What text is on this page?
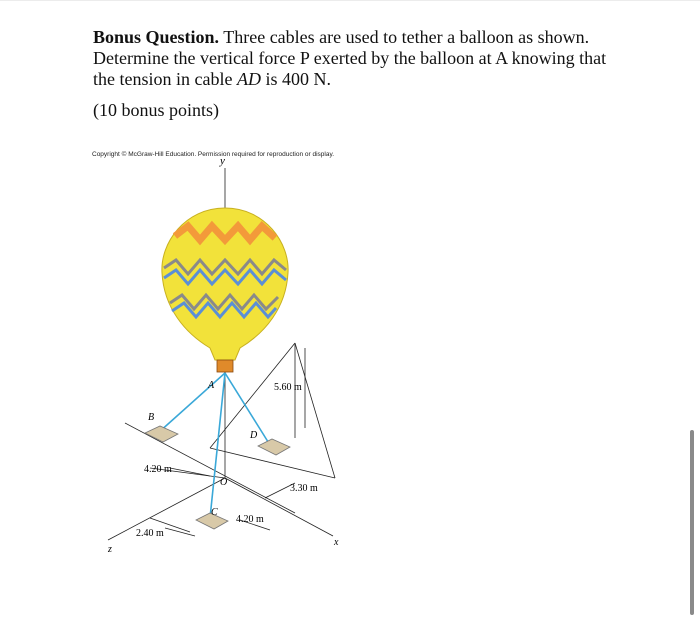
Bonus Question. Three cables are used to tether a balloon as shown. Determine the vertical force P exerted by the balloon at A knowing that the tension in cable AD is 400 N.

(10 bonus points)
Copyright © McGraw-Hill Education. Permission required for reproduction or display.
y
A
B
D
C
O
x
z
5.60 m
4.20 m
3.30 m
4.20 m
2.40 m
